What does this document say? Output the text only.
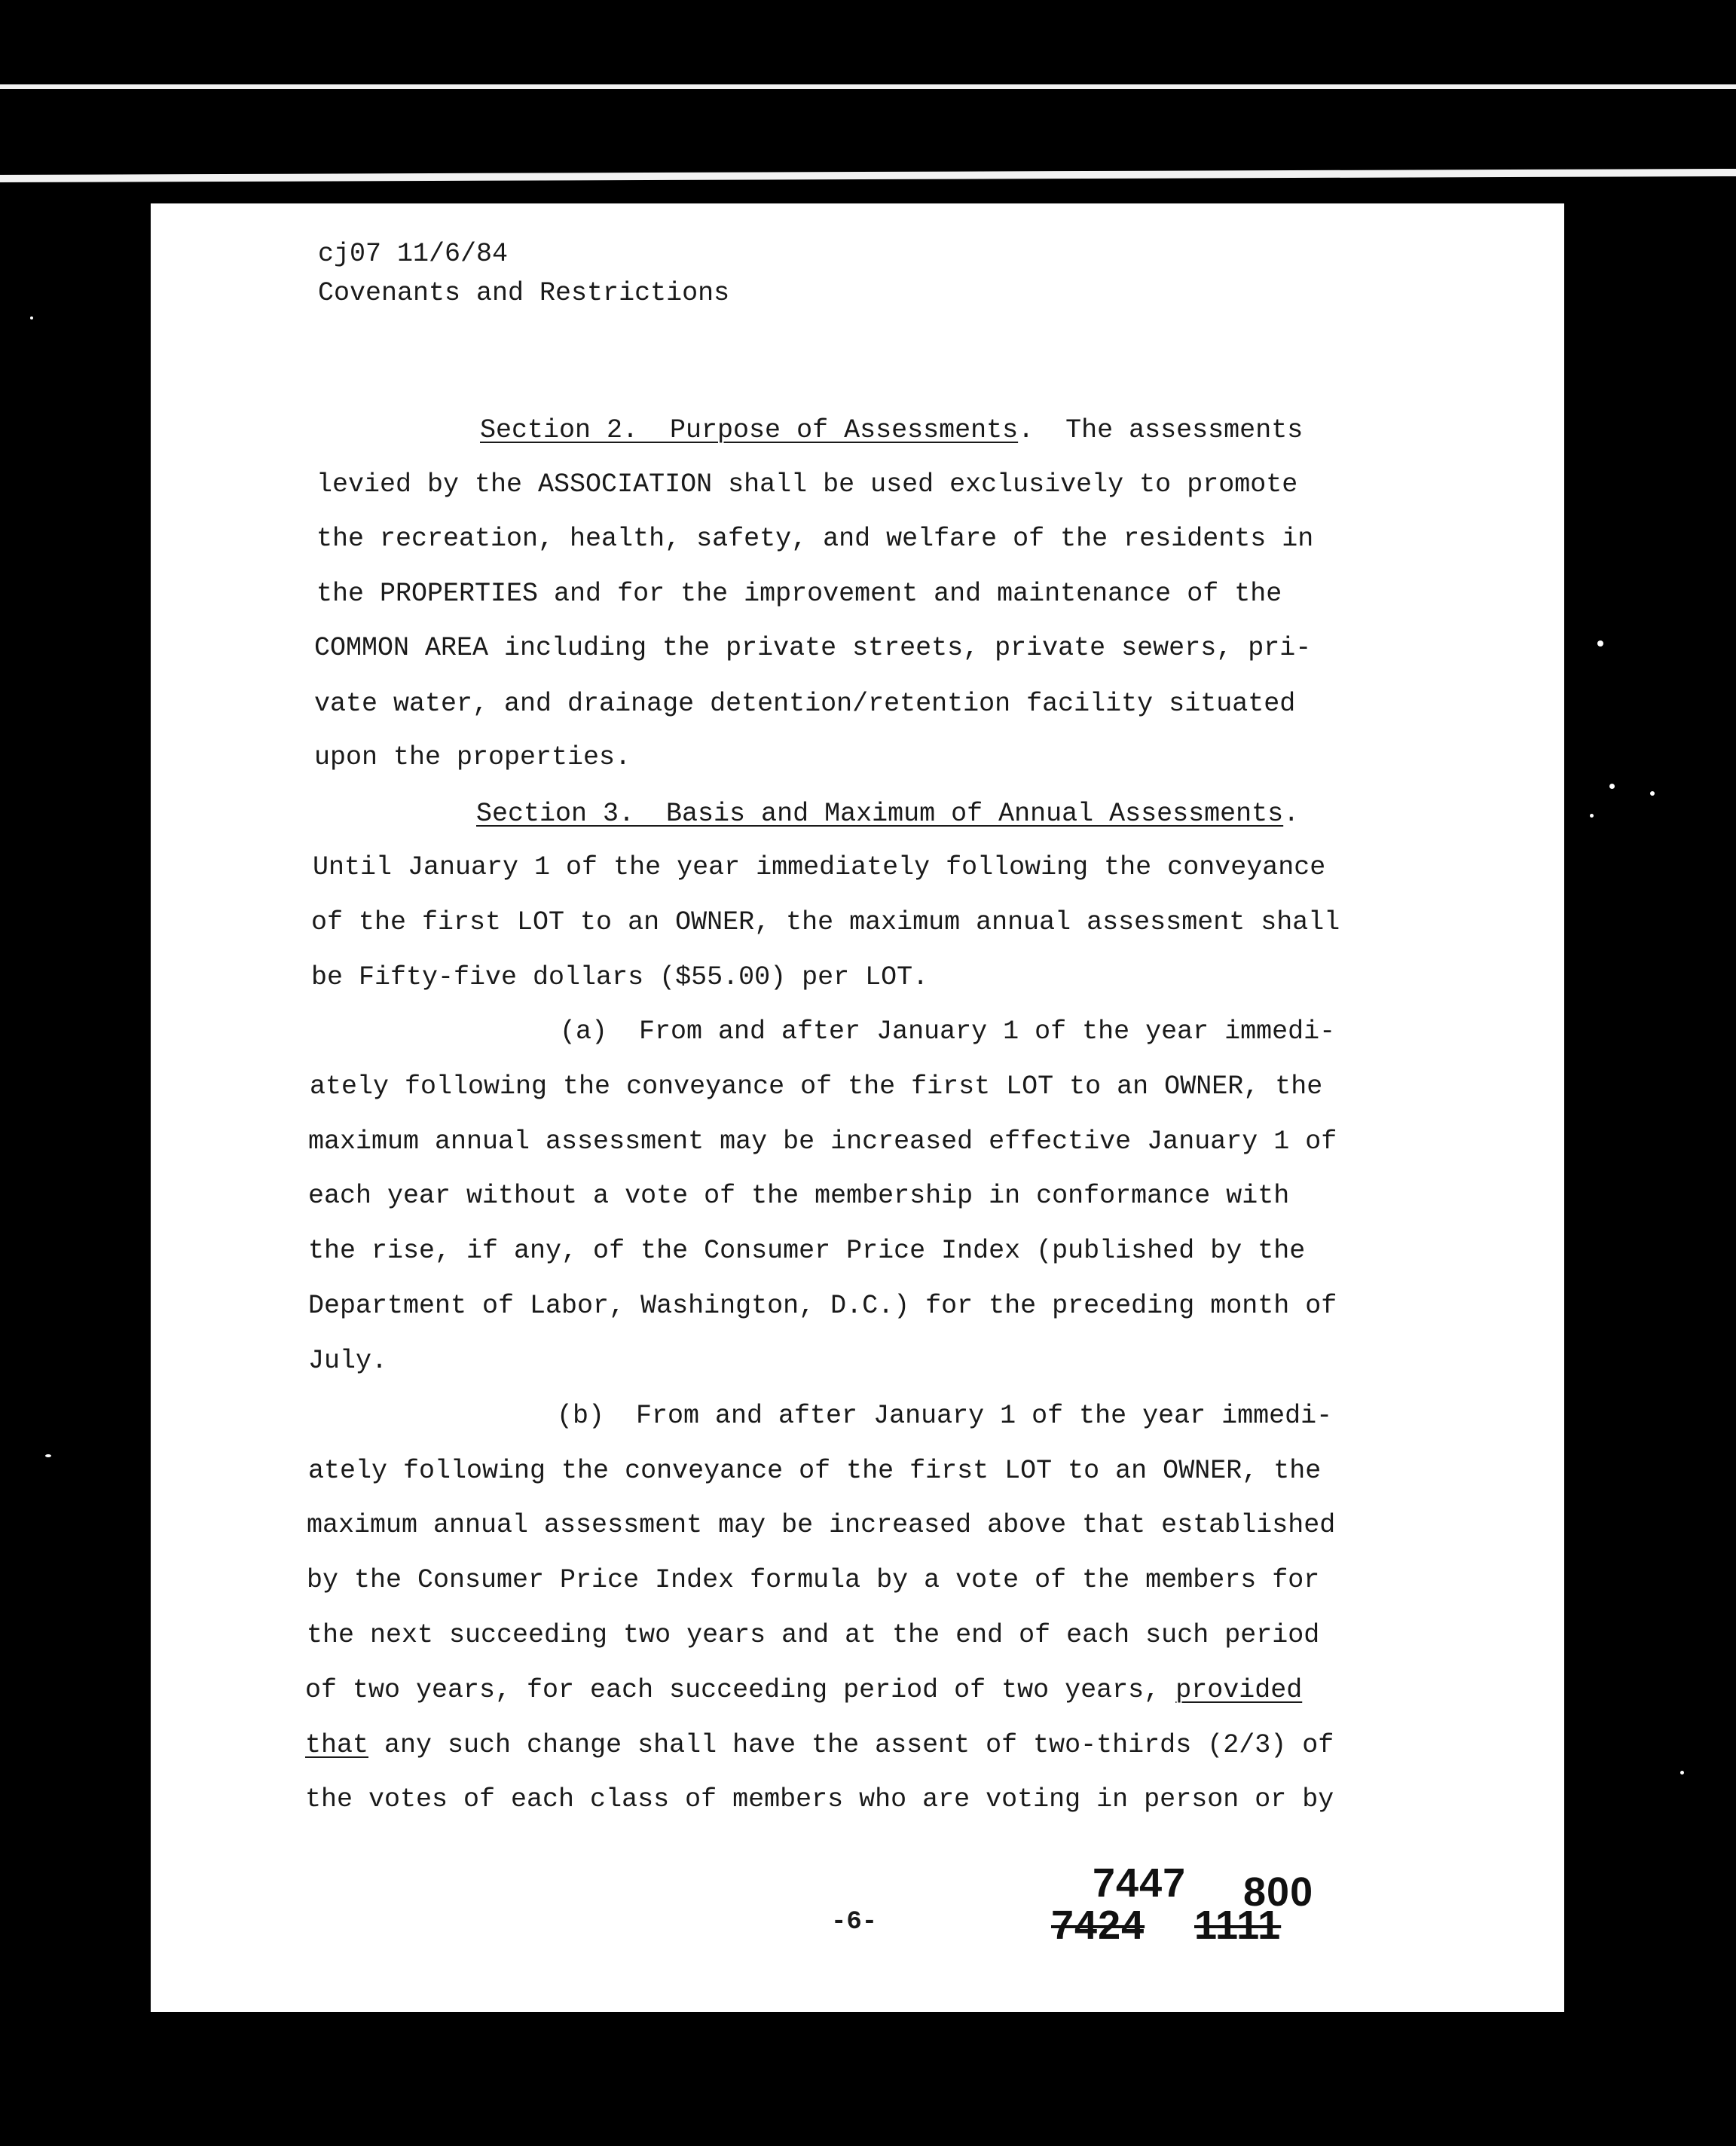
cj07 11/6/84
Covenants and Restrictions
Section 2.  Purpose of Assessments.  The assessments
levied by the ASSOCIATION shall be used exclusively to promote
the recreation, health, safety, and welfare of the residents in
the PROPERTIES and for the improvement and maintenance of the
COMMON AREA including the private streets, private sewers, pri-
vate water, and drainage detention/retention facility situated
upon the properties.
Section 3.  Basis and Maximum of Annual Assessments.
Until January 1 of the year immediately following the conveyance
of the first LOT to an OWNER, the maximum annual assessment shall
be Fifty-five dollars ($55.00) per LOT.
(a)  From and after January 1 of the year immedi-
ately following the conveyance of the first LOT to an OWNER, the
maximum annual assessment may be increased effective January 1 of
each year without a vote of the membership in conformance with
the rise, if any, of the Consumer Price Index (published by the
Department of Labor, Washington, D.C.) for the preceding month of
July.
(b)  From and after January 1 of the year immedi-
ately following the conveyance of the first LOT to an OWNER, the
maximum annual assessment may be increased above that established
by the Consumer Price Index formula by a vote of the members for
the next succeeding two years and at the end of each such period
of two years, for each succeeding period of two years, provided
that any such change shall have the assent of two-thirds (2/3) of
the votes of each class of members who are voting in person or by
-6-
7447 800
7424 1111
